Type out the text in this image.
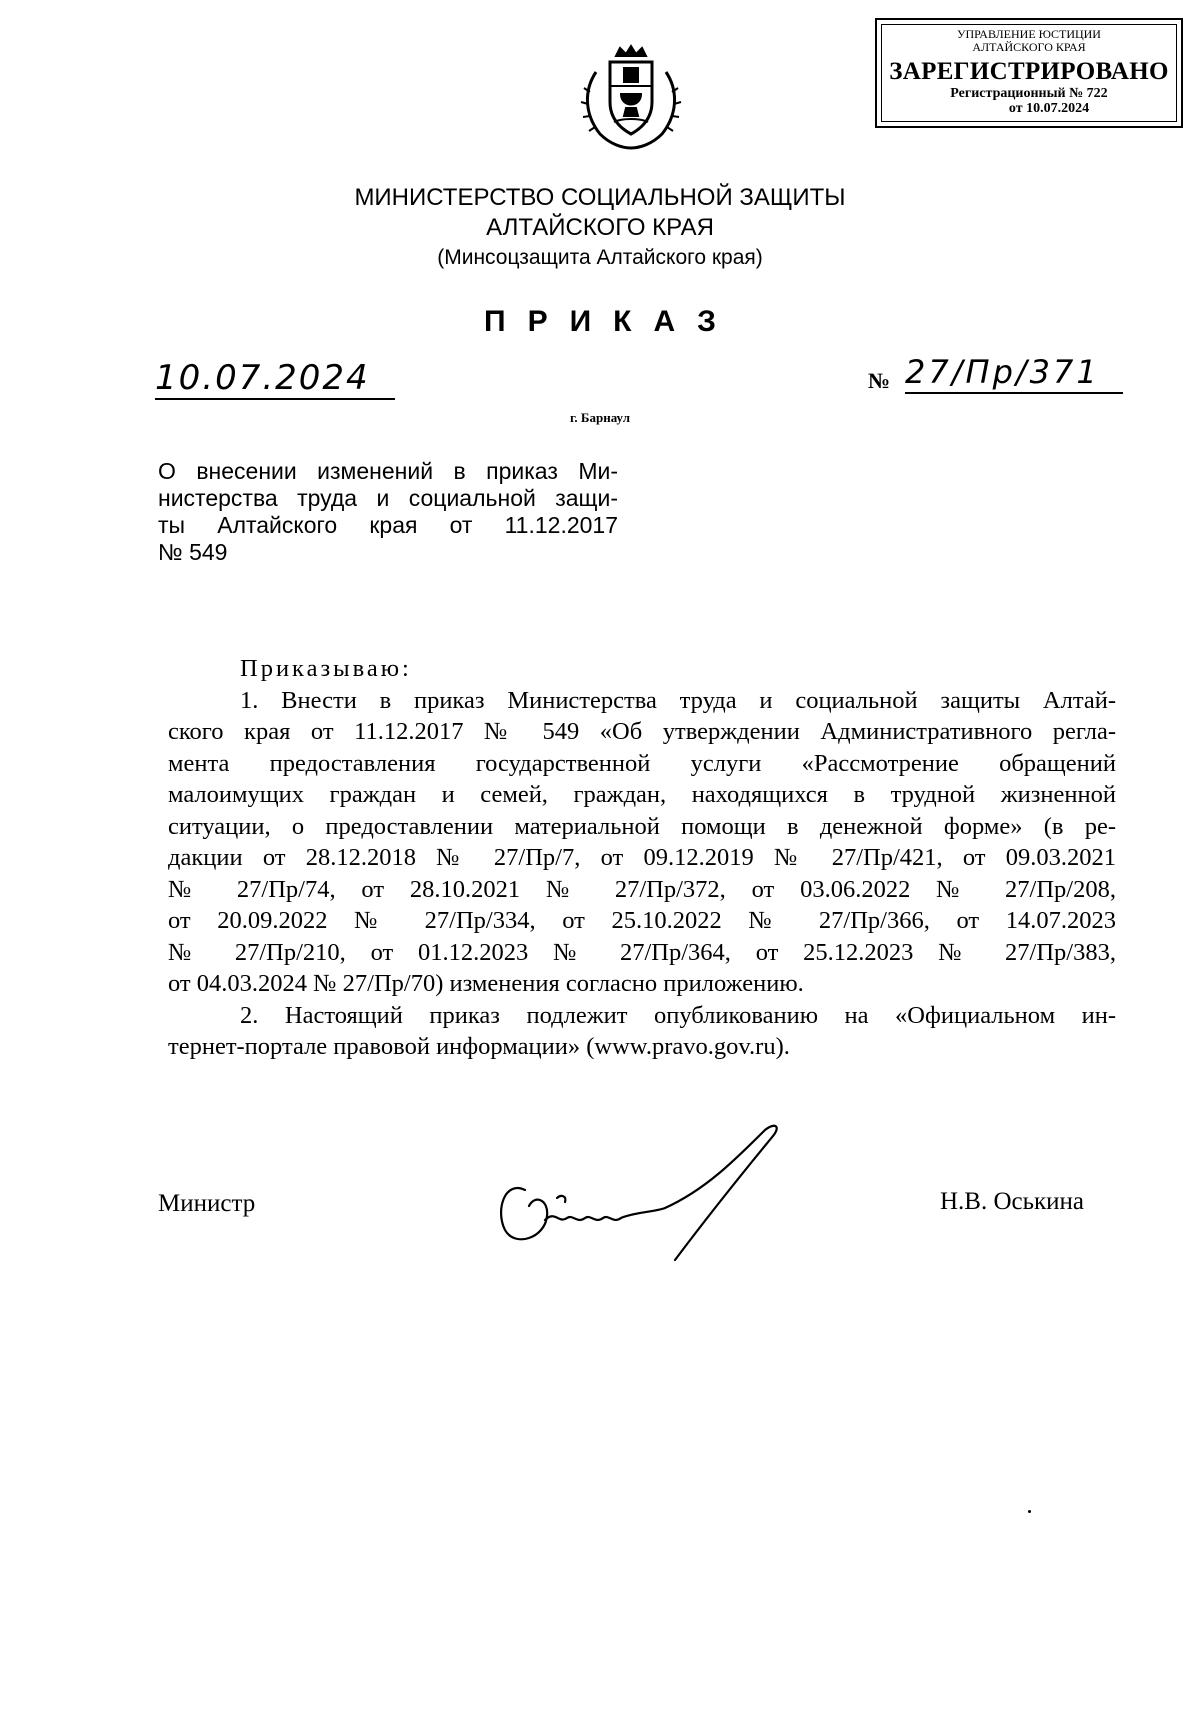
УПРАВЛЕНИЕ ЮСТИЦИИ
АЛТАЙСКОГО КРАЯ
ЗАРЕГИСТРИРОВАНО
Регистрационный № 722
от 10.07.2024
МИНИСТЕРСТВО СОЦИАЛЬНОЙ ЗАЩИТЫ
АЛТАЙСКОГО КРАЯ
(Минсоцзащита Алтайского края)
ПРИКАЗ
10.07.2024	№ 27/Пр/371
г. Барнаул
О внесении изменений в приказ Ми-
нистерства труда и социальной защи-
ты Алтайского края от 11.12.2017
№ 549
Приказываю:
1. Внести в приказ Министерства труда и социальной защиты Алтай-
ского края от 11.12.2017 № 549 «Об утверждении Административного регла-
мента предоставления государственной услуги «Рассмотрение обращений
малоимущих граждан и семей, граждан, находящихся в трудной жизненной
ситуации, о предоставлении материальной помощи в денежной форме» (в ре-
дакции от 28.12.2018 № 27/Пр/7, от 09.12.2019 № 27/Пр/421, от 09.03.2021
№ 27/Пр/74, от 28.10.2021 № 27/Пр/372, от 03.06.2022 № 27/Пр/208,
от 20.09.2022 № 27/Пр/334, от 25.10.2022 № 27/Пр/366, от 14.07.2023
№ 27/Пр/210, от 01.12.2023 № 27/Пр/364, от 25.12.2023 № 27/Пр/383,
от 04.03.2024 № 27/Пр/70) изменения согласно приложению.
2. Настоящий приказ подлежит опубликованию на «Официальном ин-
тернет-портале правовой информации» (www.pravo.gov.ru).
Министр	Н.В. Оськина
